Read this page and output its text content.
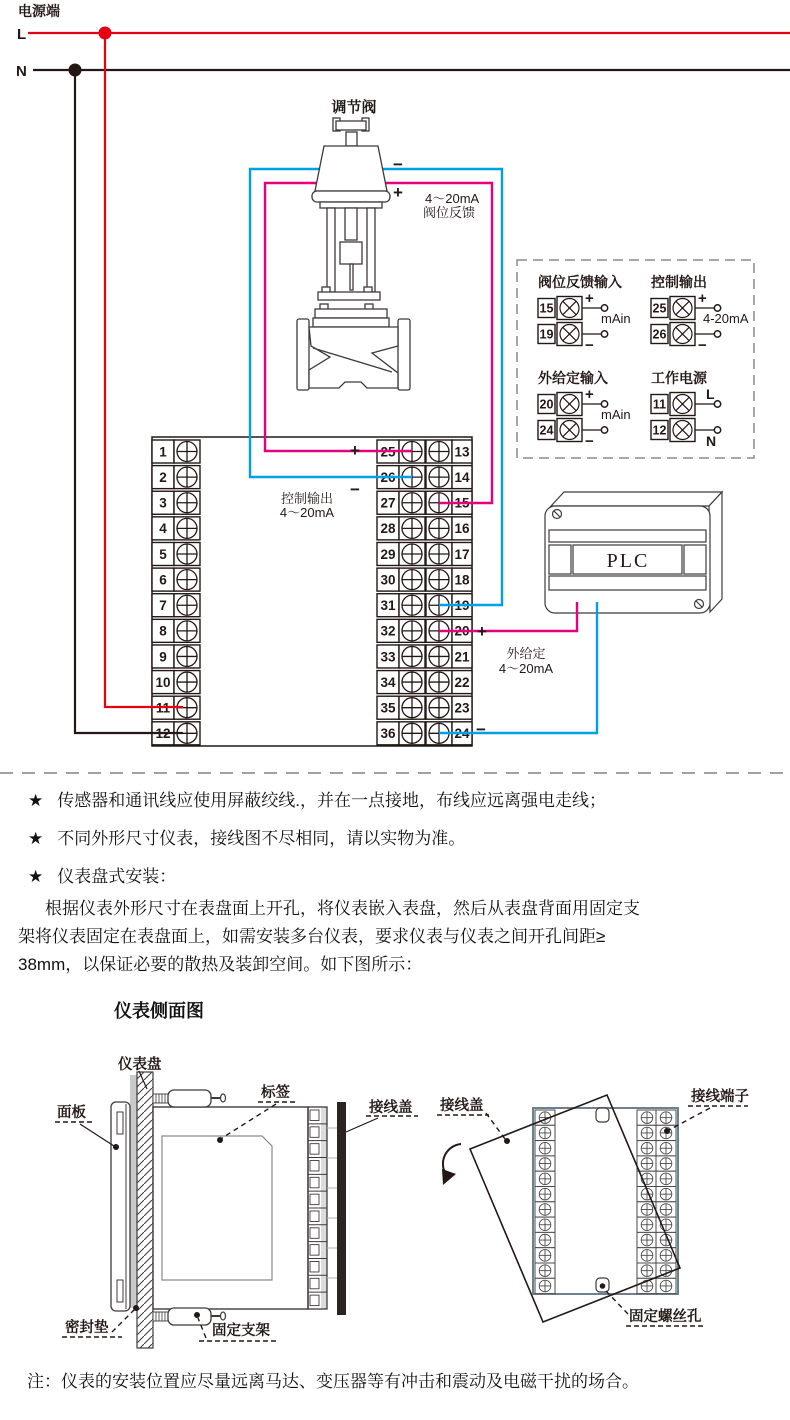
电源端
L
N
1	25	13
2	26	14
3	27	15
4	28	16
5	29	17
6	30	18
7	31	19
8	32	20
9	33	21
10	34	22
11	35	23
12	36	24
阀位反馈输入
15
+
19
−
mAin
控制输出
25
+
26
−
4-20mA
外给定输入
20
+
24
−
mAin
工作电源
11
L
12
N
PLC
−
+ 4～20mA
阀位反馈
+
−
控制输出
4～20mA
+
−
外给定
4～20mA
调节阀
仪表盘
面板
标签
接线盖
密封垫	固定支架
接线盖
接线端子
固定螺丝孔
★ 传感器和通讯线应使用屏蔽绞线.，并在一点接地，布线应远离强电走线；
★ 不同外形尺寸仪表，接线图不尽相同，请以实物为准。
★ 仪表盘式安装：
根据仪表外形尺寸在表盘面上开孔，将仪表嵌入表盘，然后从表盘背面用固定支
架将仪表固定在表盘面上，如需安装多台仪表，要求仪表与仪表之间开孔间距≥
38mm，以保证必要的散热及装卸空间。如下图所示：
仪表侧面图
注：仪表的安装位置应尽量远离马达、变压器等有冲击和震动及电磁干扰的场合。
